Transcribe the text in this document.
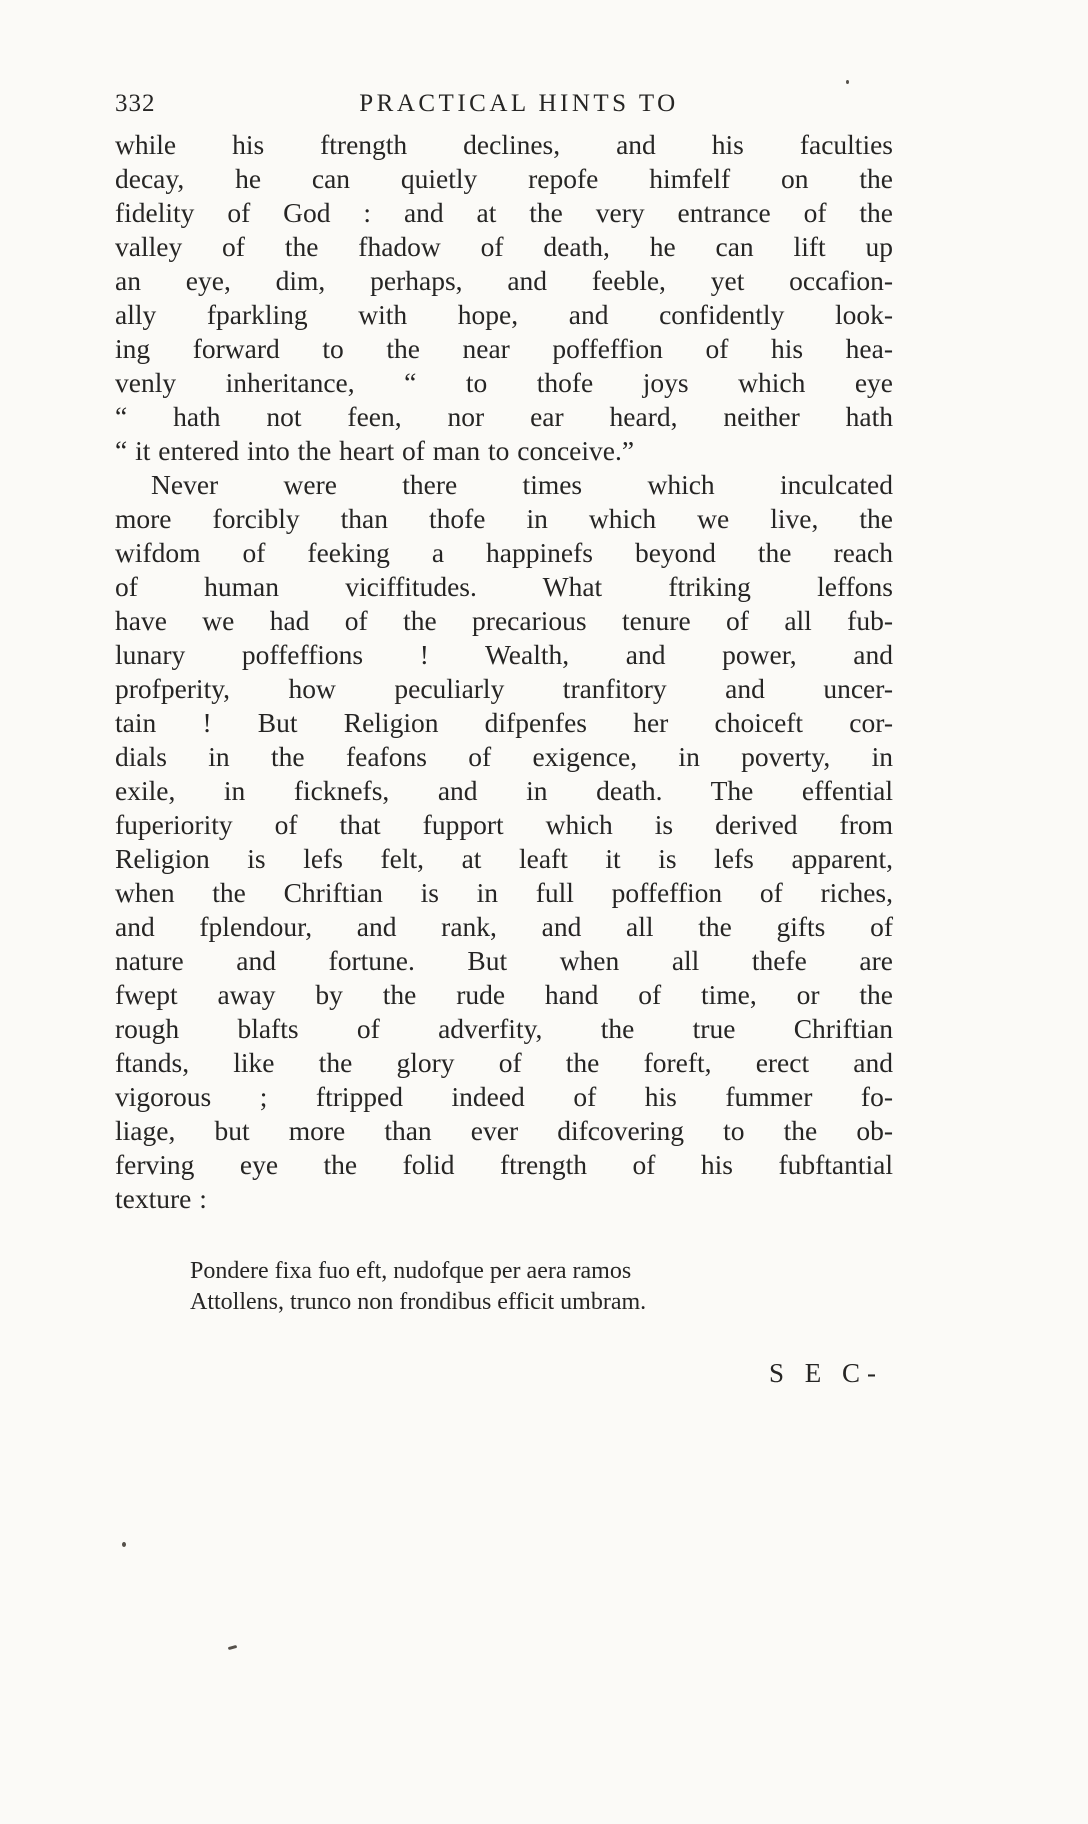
332	PRACTICAL HINTS TO
while his ftrength declines, and his faculties
decay, he can quietly repofe himfelf on the
fidelity of God : and at the very entrance of the
valley of the fhadow of death, he can lift up
an eye, dim, perhaps, and feeble, yet occafion-
ally fparkling with hope, and confidently look-
ing forward to the near poffeffion of his hea-
venly inheritance, “ to thofe joys which eye
“ hath not feen, nor ear heard, neither hath
“ it entered into the heart of man to conceive.”
Never were there times which inculcated
more forcibly than thofe in which we live, the
wifdom of feeking a happinefs beyond the reach
of human viciffitudes. What ftriking leffons
have we had of the precarious tenure of all fub-
lunary poffeffions ! Wealth, and power, and
profperity, how peculiarly tranfitory and uncer-
tain ! But Religion difpenfes her choiceft cor-
dials in the feafons of exigence, in poverty, in
exile, in ficknefs, and in death. The effential
fuperiority of that fupport which is derived from
Religion is lefs felt, at leaft it is lefs apparent,
when the Chriftian is in full poffeffion of riches,
and fplendour, and rank, and all the gifts of
nature and fortune. But when all thefe are
fwept away by the rude hand of time, or the
rough blafts of adverfity, the true Chriftian
ftands, like the glory of the foreft, erect and
vigorous ; ftripped indeed of his fummer fo-
liage, but more than ever difcovering to the ob-
ferving eye the folid ftrength of his fubftantial
texture :
Pondere fixa fuo eft, nudofque per aera ramos
Attollens, trunco non frondibus efficit umbram.
S E C-
